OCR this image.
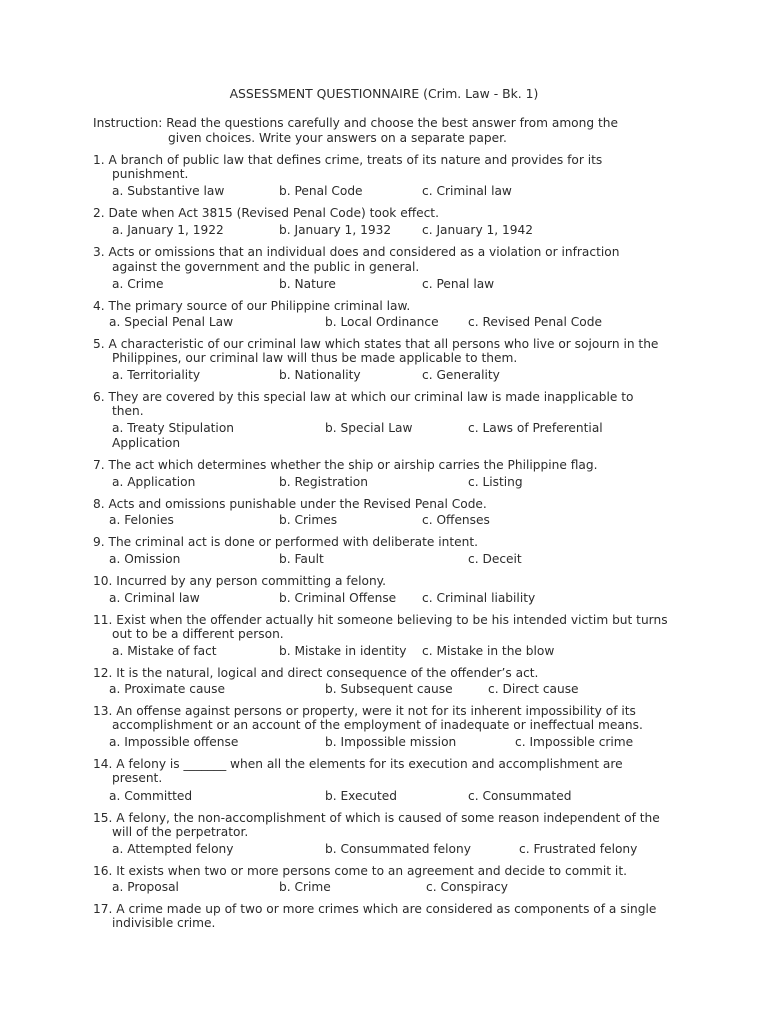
ASSESSMENT QUESTIONNAIRE (Crim. Law - Bk. 1)
Instruction: Read the questions carefully and choose the best answer from among the
given choices. Write your answers on a separate paper.
1. A branch of public law that defines crime, treats of its nature and provides for its
punishment.
a. Substantive law	b. Penal Code	c. Criminal law
2. Date when Act 3815 (Revised Penal Code) took effect.
a. January 1, 1922	b. January 1, 1932	c. January 1, 1942
3. Acts or omissions that an individual does and considered as a violation or infraction
against the government and the public in general.
a. Crime	b. Nature	c. Penal law
4. The primary source of our Philippine criminal law.
a. Special Penal Law	b. Local Ordinance c. Revised Penal Code
5. A characteristic of our criminal law which states that all persons who live or sojourn in the
Philippines, our criminal law will thus be made applicable to them.
a. Territoriality	b. Nationality	c. Generality
6. They are covered by this special law at which our criminal law is made inapplicable to
then.
a. Treaty Stipulation	b. Special Law	c. Laws of Preferential
Application
7. The act which determines whether the ship or airship carries the Philippine flag.
a. Application	b. Registration	c. Listing
8. Acts and omissions punishable under the Revised Penal Code.
a. Felonies	b. Crimes	c. Offenses
9. The criminal act is done or performed with deliberate intent.
a. Omission	b. Fault	c. Deceit
10. Incurred by any person committing a felony.
a. Criminal law	b. Criminal Offense c. Criminal liability
11. Exist when the offender actually hit someone believing to be his intended victim but turns
out to be a different person.
a. Mistake of fact	b. Mistake in identity c. Mistake in the blow
12. It is the natural, logical and direct consequence of the offender’s act.
a. Proximate cause	b. Subsequent cause	c. Direct cause
13. An offense against persons or property, were it not for its inherent impossibility of its
accomplishment or an account of the employment of inadequate or ineffectual means.
a. Impossible offense	b. Impossible mission	c. Impossible crime
14. A felony is _______ when all the elements for its execution and accomplishment are
present.
a. Committed	b. Executed	c. Consummated
15. A felony, the non-accomplishment of which is caused of some reason independent of the
will of the perpetrator.
a. Attempted felony	b. Consummated felony	c. Frustrated felony
16. It exists when two or more persons come to an agreement and decide to commit it.
a. Proposal	b. Crime	c. Conspiracy
17. A crime made up of two or more crimes which are considered as components of a single
indivisible crime.
